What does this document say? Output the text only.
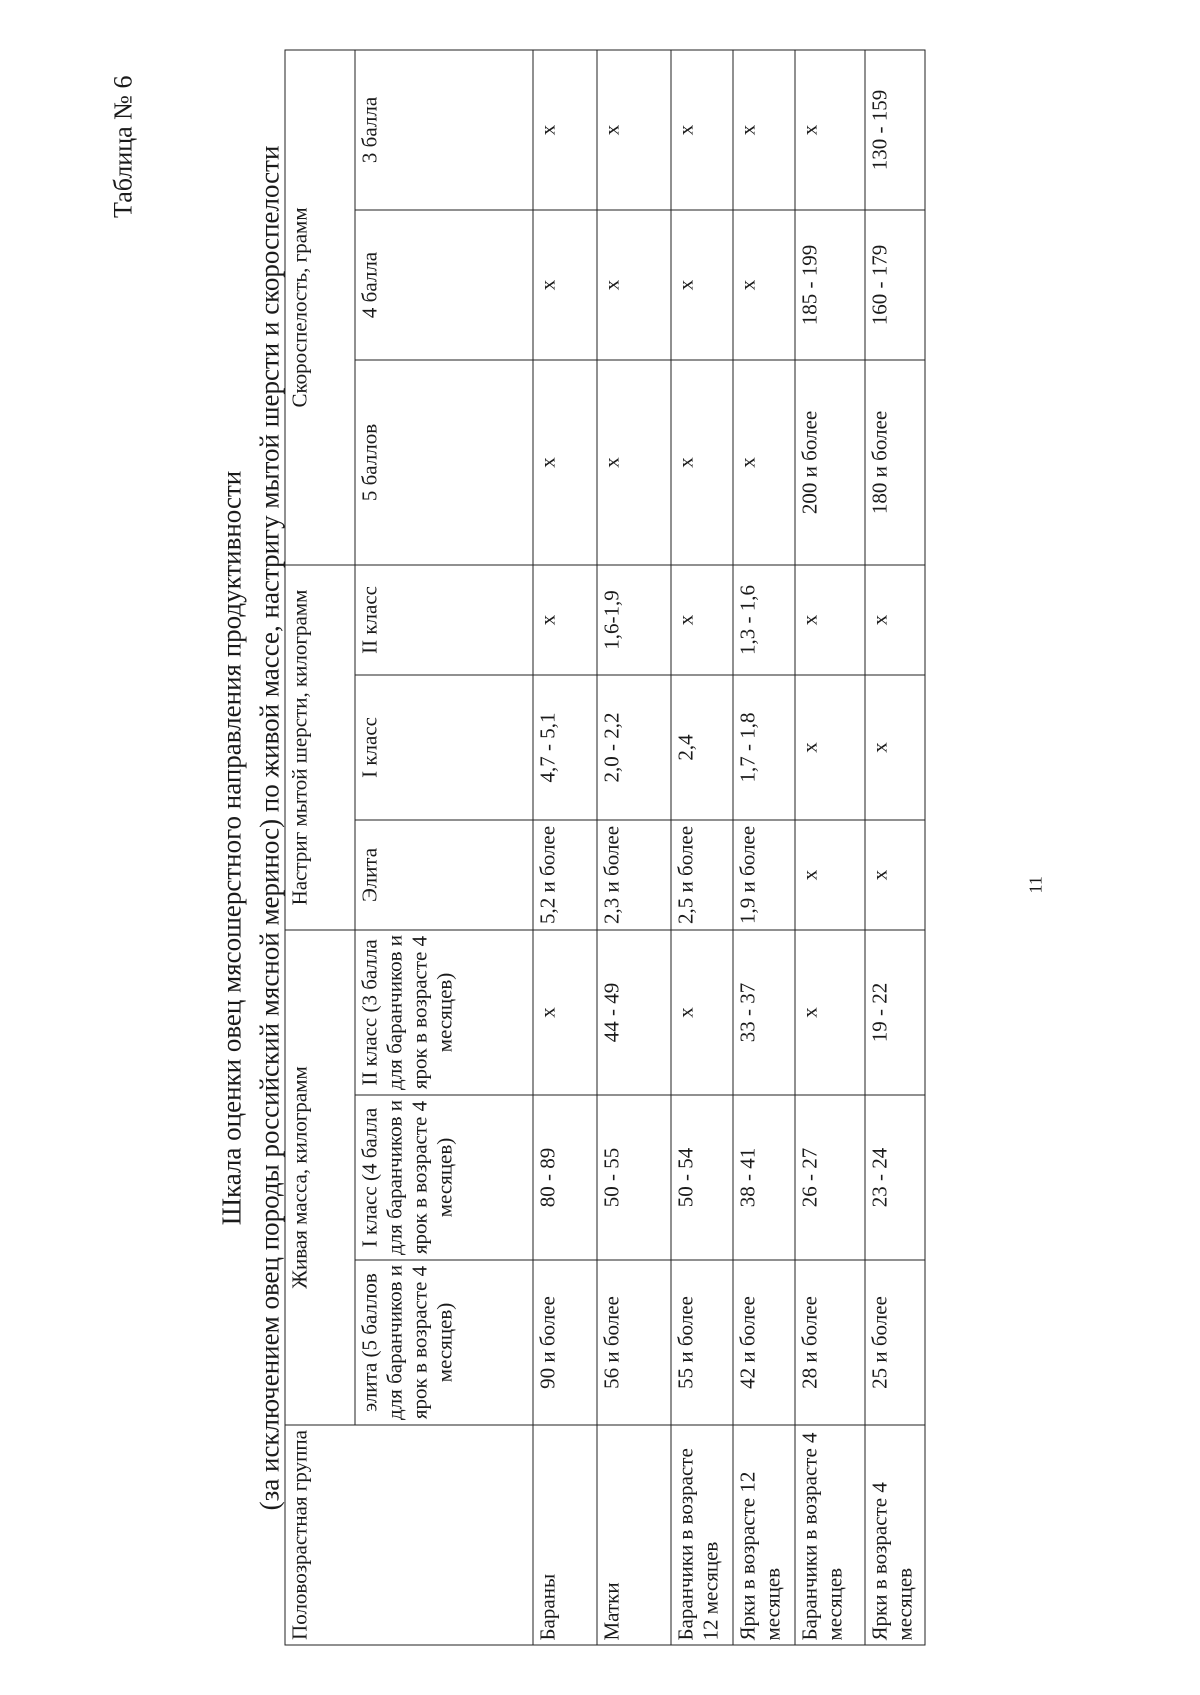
Таблица № 6
Шкала оценки овец мясошерстного направления продуктивности (за исключением овец породы российский мясной меринос) по живой массе, настригу мытой шерсти и скороспелости
Половозрастная группа	Живая масса, килограмм			Настриг мытой шерсти, килограмм			Скороспелость, грамм		
	элита (5 баллов для баранчиков и ярок в возрасте 4 месяцев)	I класс (4 балла для баранчиков и ярок в возрасте 4 месяцев)	II класс (3 балла для баранчиков и ярок в возрасте 4 месяцев)	Элита	I класс	II класс	5 баллов	4 балла	3 балла
Бараны	90 и более	80 - 89	х	5,2 и более	4,7 - 5,1	х	х	х	х
Матки	56 и более	50 - 55	44 - 49	2,3 и более	2,0 - 2,2	1,6-1,9	х	х	х
Баранчики в возрасте 12 месяцев	55 и более	50 - 54	х	2,5 и более	2,4	х	х	х	х
Ярки в возрасте 12 месяцев	42 и более	38 - 41	33 - 37	1,9 и более	1,7 - 1,8	1,3 - 1,6	х	х	х
Баранчики в возрасте 4 месяцев	28 и более	26 - 27	х	х	х	х	200 и более	185 - 199	х
Ярки в возрасте 4 месяцев	25 и более	23 - 24	19 - 22	х	х	х	180 и более	160 - 179	130 - 159
11
